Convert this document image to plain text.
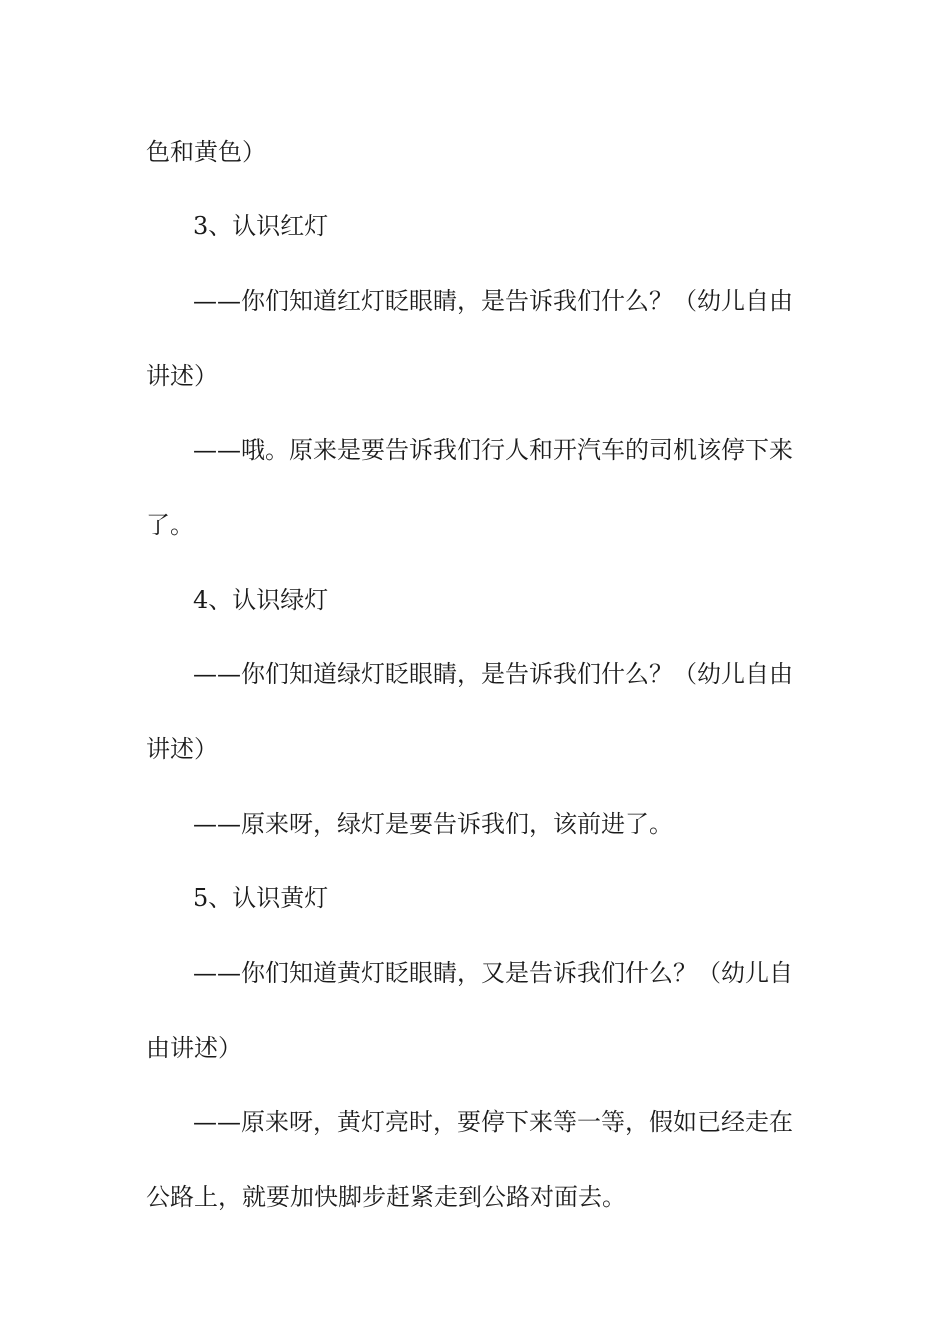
色和黄色）
3、认识红灯
——你们知道红灯眨眼睛，是告诉我们什么？（幼儿自由
讲述）
——哦。原来是要告诉我们行人和开汽车的司机该停下来
了。
4、认识绿灯
——你们知道绿灯眨眼睛，是告诉我们什么？（幼儿自由
讲述）
——原来呀，绿灯是要告诉我们，该前进了。
5、认识黄灯
——你们知道黄灯眨眼睛，又是告诉我们什么？（幼儿自
由讲述）
——原来呀，黄灯亮时，要停下来等一等，假如已经走在
公路上，就要加快脚步赶紧走到公路对面去。
